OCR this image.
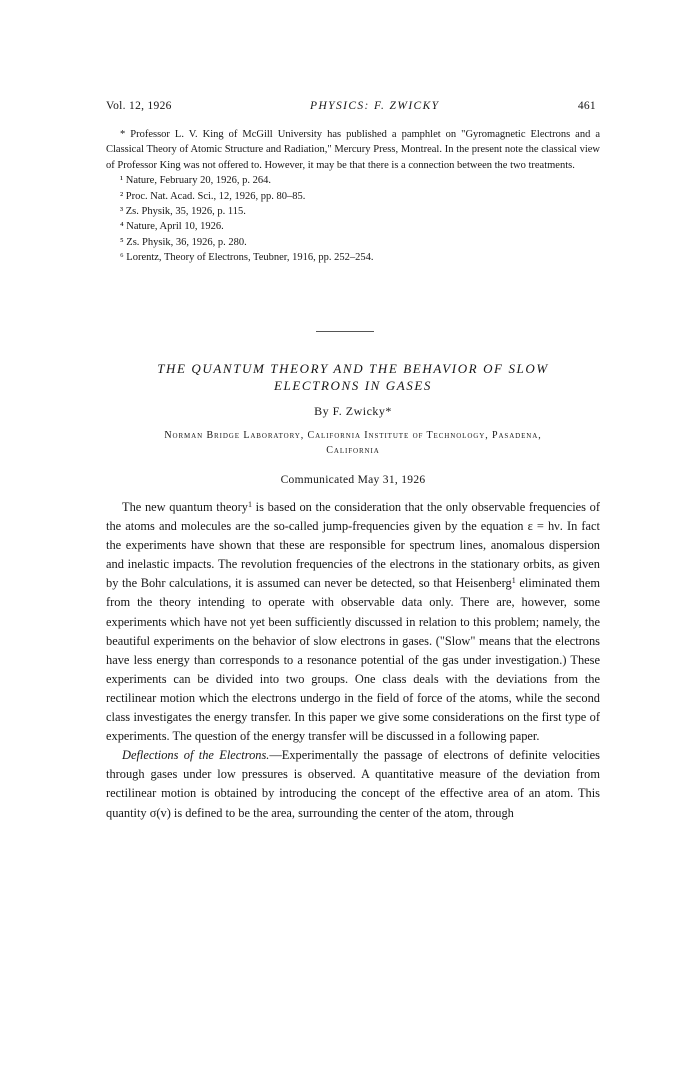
Vol. 12, 1926	PHYSICS: F. ZWICKY	461

* Professor L. V. King of McGill University has published a pamphlet on "Gyromagnetic Electrons and a Classical Theory of Atomic Structure and Radiation," Mercury Press, Montreal. In the present note the classical view of Professor King was not offered to. However, it may be that there is a connection between the two treatments.

¹ Nature, February 20, 1926, p. 264.

² Proc. Nat. Acad. Sci., 12, 1926, pp. 80–85.

³ Zs. Physik, 35, 1926, p. 115.

⁴ Nature, April 10, 1926.

⁵ Zs. Physik, 36, 1926, p. 280.

⁶ Lorentz, Theory of Electrons, Teubner, 1916, pp. 252–254.

THE QUANTUM THEORY AND THE BEHAVIOR OF SLOW
ELECTRONS IN GASES
By F. Zwicky*
Norman Bridge Laboratory, California Institute of Technology, Pasadena,
California
Communicated May 31, 1926

The new quantum theory$^1$ is based on the consideration that the only observable frequencies of the atoms and molecules are the so-called jump-frequencies given by the equation ε = hν. In fact the experiments have shown that these are responsible for spectrum lines, anomalous dispersion and inelastic impacts. The revolution frequencies of the electrons in the stationary orbits, as given by the Bohr calculations, it is assumed can never be detected, so that Heisenberg$^1$ eliminated them from the theory intending to operate with observable data only. There are, however, some experiments which have not yet been sufficiently discussed in relation to this problem; namely, the beautiful experiments on the behavior of slow electrons in gases. ("Slow" means that the electrons have less energy than corresponds to a resonance potential of the gas under investigation.) These experiments can be divided into two groups. One class deals with the deviations from the rectilinear motion which the electrons undergo in the field of force of the atoms, while the second class investigates the energy transfer. In this paper we give some considerations on the first type of experiments. The question of the energy transfer will be discussed in a following paper.

Deflections of the Electrons.—Experimentally the passage of electrons of definite velocities through gases under low pressures is observed. A quantitative measure of the deviation from rectilinear motion is obtained by introducing the concept of the effective area of an atom. This quantity σ(v) is defined to be the area, surrounding the center of the atom, through
